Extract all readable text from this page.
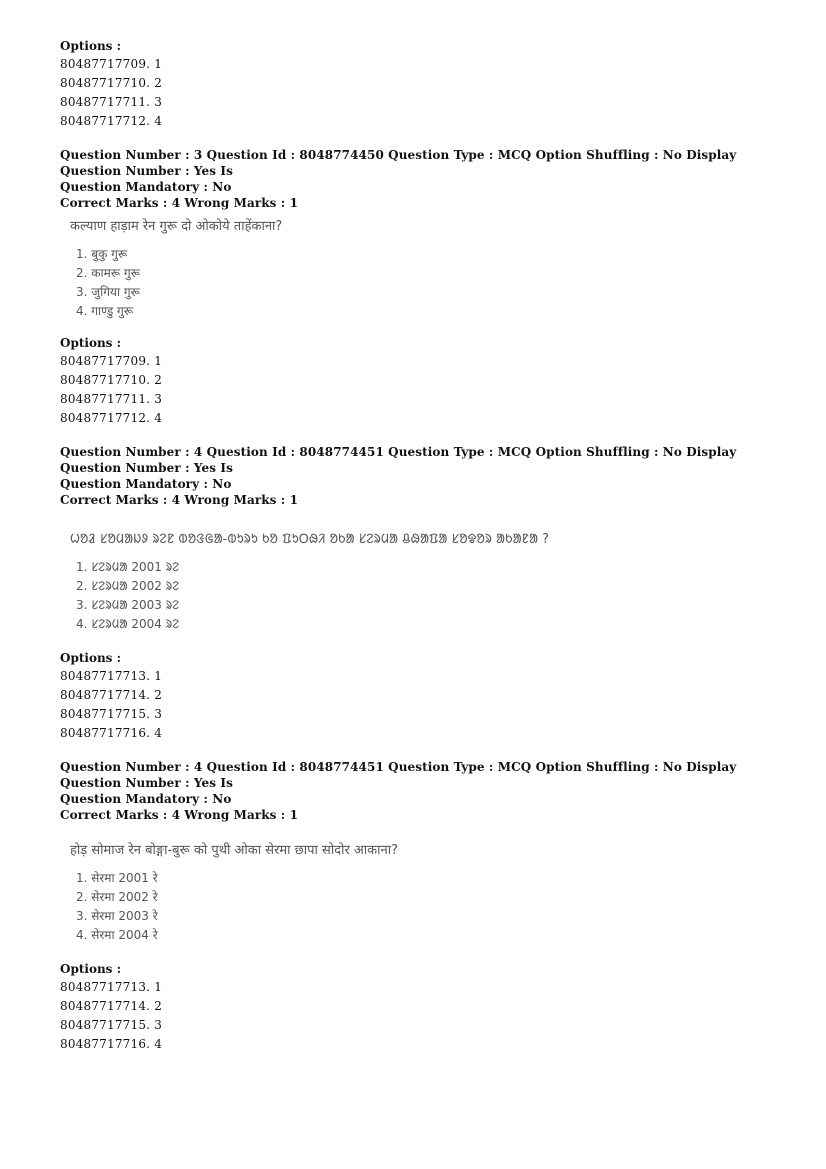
Options :
80487717709. 1
80487717710. 2
80487717711. 3
80487717712. 4
Question Number : 3 Question Id : 8048774450 Question Type : MCQ Option Shuffling : No Display Question Number : Yes Is
Question Mandatory : No
Correct Marks : 4 Wrong Marks : 1
कल्याण हाड़ाम रेन गुरू दो ओकोये ताहेंकाना?
1. बुकु गुरू
2. कामरू गुरू
3. जुगिया गुरू
4. गाण्डु गुरू
Options :
80487717709. 1
80487717710. 2
80487717711. 3
80487717712. 4
Question Number : 4 Question Id : 8048774451 Question Type : MCQ Option Shuffling : No Display Question Number : Yes Is
Question Mandatory : No
Correct Marks : 4 Wrong Marks : 1
ᱦᱚᱲ ᱥᱚᱢᱟᱡᱽ ᱨᱮᱱ ᱵᱚᱝᱜᱟ-ᱵᱩᱨᱩ ᱠᱚ ᱯᱩᱛᱷᱤ ᱚᱠᱟ ᱥᱮᱨᱢᱟ ᱪᱷᱟᱯᱟ ᱥᱚᱫᱚᱨ ᱟᱠᱟᱱᱟ ?
1. ᱥᱮᱨᱢᱟ 2001 ᱨᱮ
2. ᱥᱮᱨᱢᱟ 2002 ᱨᱮ
3. ᱥᱮᱨᱢᱟ 2003 ᱨᱮ
4. ᱥᱮᱨᱢᱟ 2004 ᱨᱮ
Options :
80487717713. 1
80487717714. 2
80487717715. 3
80487717716. 4
Question Number : 4 Question Id : 8048774451 Question Type : MCQ Option Shuffling : No Display Question Number : Yes Is
Question Mandatory : No
Correct Marks : 4 Wrong Marks : 1
होड़ सोमाज रेन बोङ्गा-बुरू को पुथी ओका सेरमा छापा सोदोर आकाना?
1. सेरमा 2001 रे
2. सेरमा 2002 रे
3. सेरमा 2003 रे
4. सेरमा 2004 रे
Options :
80487717713. 1
80487717714. 2
80487717715. 3
80487717716. 4
